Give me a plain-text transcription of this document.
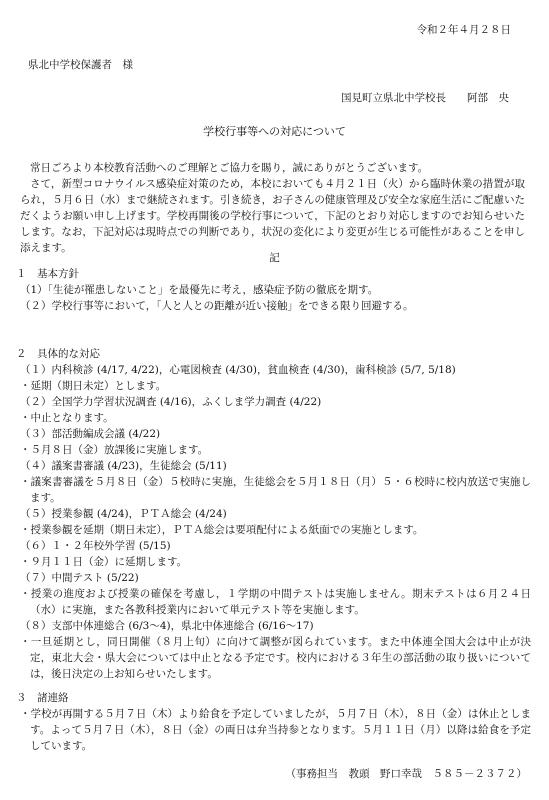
令和２年４月２８日
県北中学校保護者　様
国見町立県北中学校長　　阿部　央
学校行事等への対応について

常日ごろより本校教育活動へのご理解とご協力を賜り，誠にありがとうございます。

さて，新型コロナウイルス感染症対策のため，本校においても４月２１日（火）から臨時休業の措置が取られ，５月６日（水）まで継続されます。引き続き，お子さんの健康管理及び安全な家庭生活にご配慮いただくようお願い申し上げます。学校再開後の学校行事について，下記のとおり対応しますのでお知らせいたします。なお，下記対応は現時点での判断であり，状況の変化により変更が生じる可能性があることを申し添えます。

記

１　基本方針

（1）「生徒が罹患しないこと」を最優先に考え，感染症予防の徹底を期す。

（２）学校行事等において，「人と人との距離が近い接触」をできる限り回避する。

２　具体的な対応

（１）内科検診 (4/17, 4/22)，心電図検査 (4/30)，貧血検査 (4/30)，歯科検診 (5/7, 5/18)

・延期（期日未定）とします。

（２）全国学力学習状況調査 (4/16)，ふくしま学力調査 (4/22)

・中止となります。

（３）部活動編成会議 (4/22)

・５月８日（金）放課後に実施します。

（４）議案書審議 (4/23)，生徒総会 (5/11)

・議案書審議を５月８日（金）５校時に実施，生徒総会を５月１８日（月）５・６校時に校内放送で実施します。

（５）授業参観 (4/24)，ＰＴＡ総会 (4/24)

・授業参観を延期（期日未定），ＰＴＡ総会は要項配付による紙面での実施とします。

（６）１・２年校外学習 (5/15)

・９月１１日（金）に延期します。

（７）中間テスト (5/22)

・授業の進度および授業の確保を考慮し，１学期の中間テストは実施しません。期末テストは６月２４日（水）に実施，また各教科授業内において単元テスト等を実施します。

（８）支部中体連総合 (6/3～4)，県北中体連総合 (6/16～17)

・一旦延期とし，同日開催（８月上旬）に向けて調整が図られています。また中体連全国大会は中止が決定，東北大会・県大会については中止となる予定です。校内における３年生の部活動の取り扱いについては，後日決定の上お知らせいたします。

３　諸連絡

・学校が再開する５月７日（木）より給食を予定していましたが，５月７日（木），８日（金）は休止とします。よって５月７日（木），８日（金）の両日は弁当持参となります。５月１１日（月）以降は給食を予定しています。

（事務担当　教頭　野口幸哉　５８５－２３７２）
